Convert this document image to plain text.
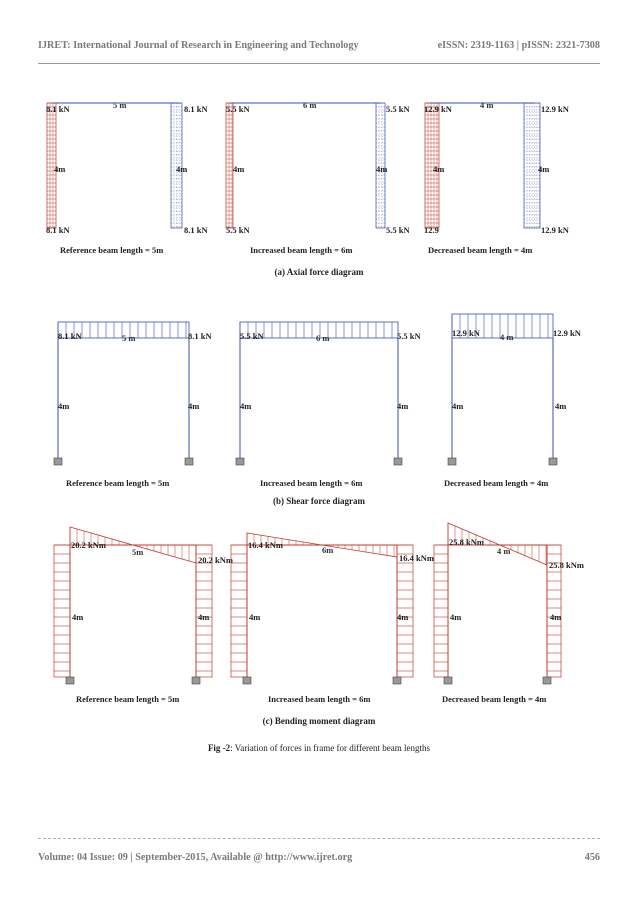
IJRET: International Journal of Research in Engineering and Technology	eISSN: 2319-1163 | pISSN: 2321-7308
8.1 kN	8.1 kN
5 m
4m	4m
8.1 kN	8.1 kN
Reference beam length = 5m
5.5 kN	5.5 kN
6 m
4m	4m
5.5 kN	5.5 kN
Increased beam length = 6m
12.9 kN	12.9 kN
4 m
4m	4m
12.9	12.9 kN
Decreased beam length = 4m
8.1 kN	8.1 kN
5 m
4m	4m
Reference beam length = 5m
5.5 kN	5.5 kN
6 m
4m	4m
Increased beam length = 6m
12.9 kN	12.9 kN
4 m
4m	4m
Decreased beam length = 4m
20.2 kNm
20.2 kNm
5m
4m	4m
Reference beam length = 5m
16.4 kNm
16.4 kNm
6m
4m	4m
Increased beam length = 6m
25.8 kNm
25.8 kNm
4 m
4m	4m
Decreased beam length = 4m
(a) Axial force diagram
(b) Shear force diagram
(c) Bending moment diagram
Fig -2: Variation of forces in frame for different beam lengths
Volume: 04 Issue: 09 | September-2015, Available @ http://www.ijret.org	456
